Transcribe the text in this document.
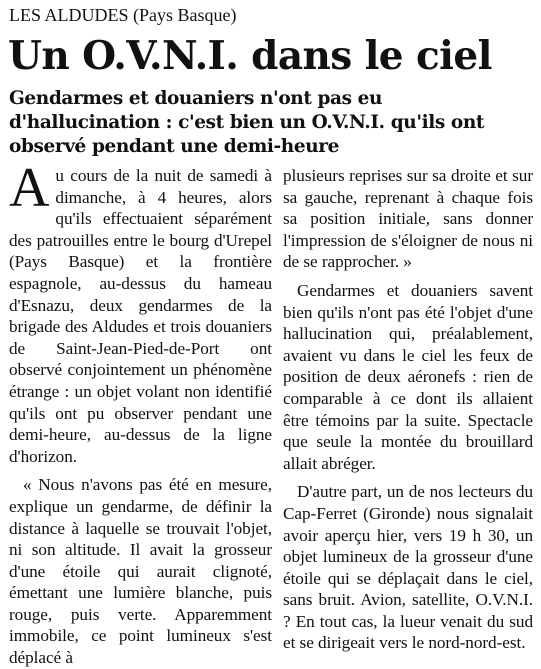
LES ALDUDES (Pays Basque)
Un O.V.N.I. dans le ciel
Gendarmes et douaniers n'ont pas eu
d'hallucination : c'est bien un O.V.N.I. qu'ils ont
observé pendant une demi-heure

Au cours de la nuit de samedi à dimanche, à 4 heures, alors qu'ils effectuaient séparément des patrouilles entre le bourg d'Urepel (Pays Basque) et la frontière espagnole, au-dessus du hameau d'Esnazu, deux gendarmes de la brigade des Aldudes et trois douaniers de Saint-Jean-Pied-de-Port ont observé conjointement un phénomène étrange : un objet volant non identifié qu'ils ont pu observer pendant une demi-heure, au-dessus de la ligne d'horizon.

« Nous n'avons pas été en mesure, explique un gendarme, de définir la distance à laquelle se trouvait l'objet, ni son altitude. Il avait la grosseur d'une étoile qui aurait clignoté, émettant une lumière blanche, puis rouge, puis verte. Apparemment immobile, ce point lumineux s'est déplacé à

plusieurs reprises sur sa droite et sur sa gauche, reprenant à chaque fois sa position initiale, sans donner l'impression de s'éloigner de nous ni de se rapprocher. »

Gendarmes et douaniers savent bien qu'ils n'ont pas été l'objet d'une hallucination qui, préalablement, avaient vu dans le ciel les feux de position de deux aéronefs : rien de comparable à ce dont ils allaient être témoins par la suite. Spectacle que seule la montée du brouillard allait abréger.

D'autre part, un de nos lecteurs du Cap-Ferret (Gironde) nous signalait avoir aperçu hier, vers 19 h 30, un objet lumineux de la grosseur d'une étoile qui se déplaçait dans le ciel, sans bruit. Avion, satellite, O.V.N.I. ? En tout cas, la lueur venait du sud et se dirigeait vers le nord-nord-est.
